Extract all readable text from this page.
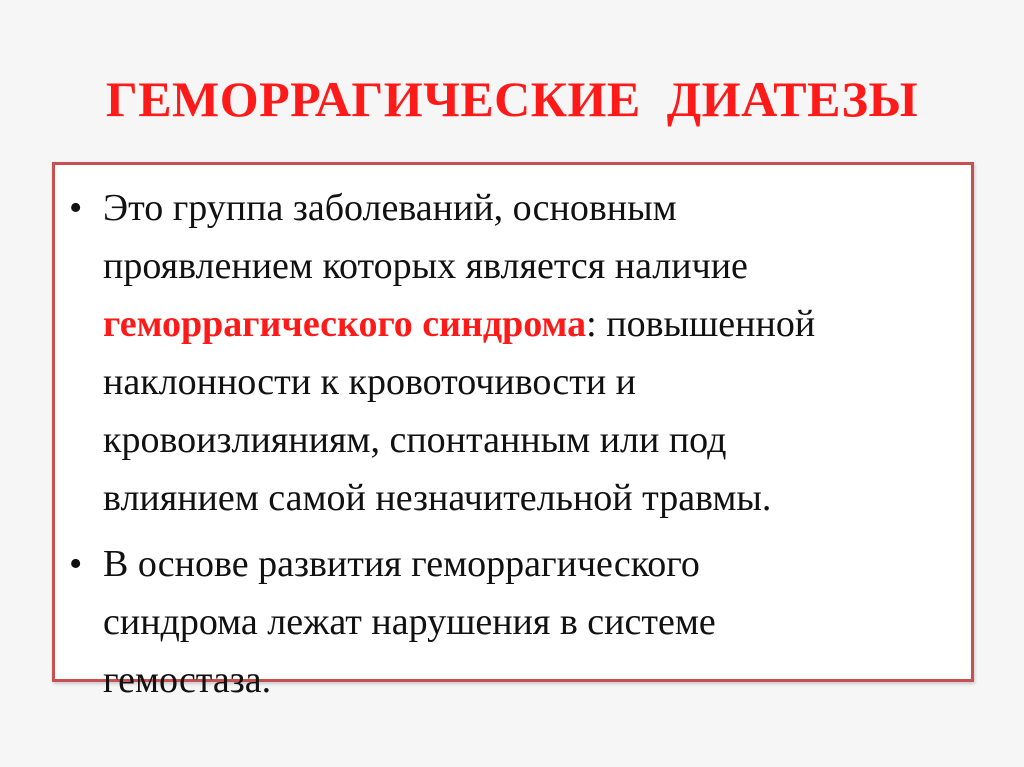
ГЕМОРРАГИЧЕСКИЕ  ДИАТЕЗЫ
• Это группа заболеваний, основным
проявлением которых является наличие
геморрагического синдрома: повышенной
наклонности к кровоточивости и
кровоизлияниям, спонтанным или под
влиянием самой незначительной травмы.
• В основе развития геморрагического
синдрома лежат нарушения в системе
гемостаза.
